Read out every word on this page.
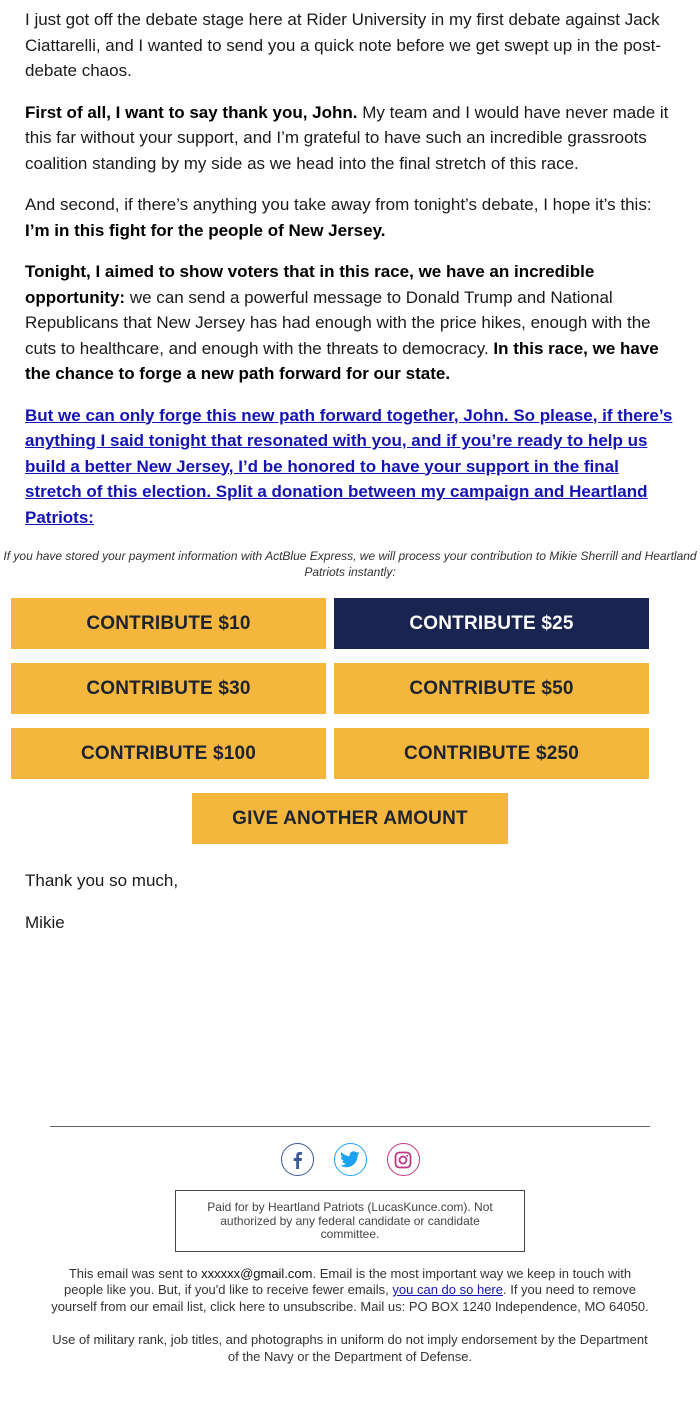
I just got off the debate stage here at Rider University in my first debate against Jack Ciattarelli, and I wanted to send you a quick note before we get swept up in the post-debate chaos.

First of all, I want to say thank you, John. My team and I would have never made it this far without your support, and I’m grateful to have such an incredible grassroots coalition standing by my side as we head into the final stretch of this race.

And second, if there’s anything you take away from tonight’s debate, I hope it’s this: I’m in this fight for the people of New Jersey.

Tonight, I aimed to show voters that in this race, we have an incredible opportunity: we can send a powerful message to Donald Trump and National Republicans that New Jersey has had enough with the price hikes, enough with the cuts to healthcare, and enough with the threats to democracy. In this race, we have the chance to forge a new path forward for our state.

But we can only forge this new path forward together, John. So please, if there’s anything I said tonight that resonated with you, and if you’re ready to help us build a better New Jersey, I’d be honored to have your support in the final stretch of this election. Split a donation between my campaign and Heartland Patriots:

If you have stored your payment information with ActBlue Express, we will process your contribution to Mikie Sherrill and Heartland Patriots instantly:
CONTRIBUTE $10	CONTRIBUTE $25
CONTRIBUTE $30	CONTRIBUTE $50
CONTRIBUTE $100	CONTRIBUTE $250
GIVE ANOTHER AMOUNT

Thank you so much,

Mikie

Paid for by Heartland Patriots (LucasKunce.com). Not authorized by any federal candidate or candidate committee.
This email was sent to xxxxxx@gmail.com. Email is the most important way we keep in touch with people like you. But, if you'd like to receive fewer emails, you can do so here. If you need to remove yourself from our email list, click here to unsubscribe. Mail us: PO BOX 1240 Independence, MO 64050.
Use of military rank, job titles, and photographs in uniform do not imply endorsement by the Department of the Navy or the Department of Defense.
